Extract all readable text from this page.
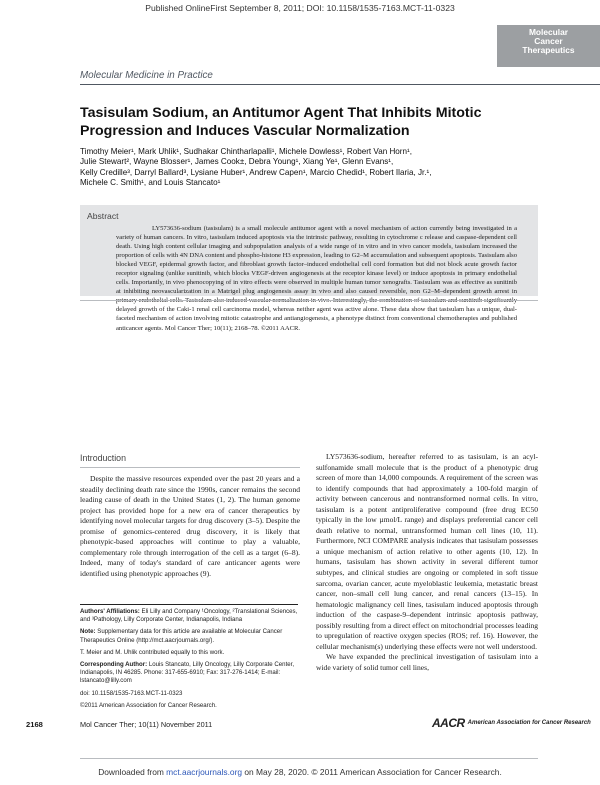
Published OnlineFirst September 8, 2011; DOI: 10.1158/1535-7163.MCT-11-0323
Molecular
Cancer
Therapeutics
Molecular Medicine in Practice
Tasisulam Sodium, an Antitumor Agent That Inhibits Mitotic
Progression and Induces Vascular Normalization
Timothy Meier¹, Mark Uhlik¹, Sudhakar Chintharlapalli¹, Michele Dowless¹, Robert Van Horn¹,
Julie Stewart², Wayne Blosser¹, James Cook±, Debra Young¹, Xiang Ye¹, Glenn Evans¹,
Kelly Credille³, Darryl Ballard³, Lysiane Huber¹, Andrew Capen¹, Marcio Chedid¹, Robert Ilaria, Jr.¹,
Michele C. Smith¹, and Louis Stancato¹
Abstract

LY573636-sodium (tasisulam) is a small molecule antitumor agent with a novel mechanism of action currently being investigated in a variety of human cancers. In vitro, tasisulam induced apoptosis via the intrinsic pathway, resulting in cytochrome c release and caspase-dependent cell death. Using high content cellular imaging and subpopulation analysis of a wide range of in vitro and in vivo cancer models, tasisulam increased the proportion of cells with 4N DNA content and phospho-histone H3 expression, leading to G2–M accumulation and subsequent apoptosis. Tasisulam also blocked VEGF, epidermal growth factor, and fibroblast growth factor–induced endothelial cell cord formation but did not block acute growth factor receptor signaling (unlike sunitinib, which blocks VEGF-driven angiogenesis at the receptor kinase level) or induce apoptosis in primary endothelial cells. Importantly, in vivo phenocopying of in vitro effects were observed in multiple human tumor xenografts. Tasisulam was as effective as sunitinib at inhibiting neovascularization in a Matrigel plug angiogenesis assay in vivo and also caused reversible, non G2–M–dependent growth arrest in primary endothelial cells. Tasisulam also induced vascular normalization in vivo. Interestingly, the combination of tasisulam and sunitinib significantly delayed growth of the Caki-1 renal cell carcinoma model, whereas neither agent was active alone. These data show that tasisulam has a unique, dual-faceted mechanism of action involving mitotic catastrophe and antiangiogenesis, a phenotype distinct from conventional chemotherapies and published anticancer agents. Mol Cancer Ther; 10(11); 2168–78. ©2011 AACR.

Introduction

Despite the massive resources expended over the past 20 years and a steadily declining death rate since the 1990s, cancer remains the second leading cause of death in the United States (1, 2). The human genome project has provided hope for a new era of cancer therapeutics by identifying novel molecular targets for drug discovery (3–5). Despite the promise of genomics-centered drug discovery, it is likely that phenotypic-based approaches will continue to play a valuable, complementary role through interrogation of the cell as a target (6–8). Indeed, many of today's standard of care anticancer agents were identified using phenotypic approaches (9).

Authors' Affiliations: Eli Lilly and Company ¹Oncology, ²Translational Sciences, and ³Pathology, Lilly Corporate Center, Indianapolis, Indiana

Note: Supplementary data for this article are available at Molecular Cancer Therapeutics Online (http://mct.aacrjournals.org/).

T. Meier and M. Uhlik contributed equally to this work.

Corresponding Author: Louis Stancato, Lilly Oncology, Lilly Corporate Center, Indianapolis, IN 46285. Phone: 317-655-6910; Fax: 317-276-1414; E-mail: lstancato@lilly.com

doi: 10.1158/1535-7163.MCT-11-0323

©2011 American Association for Cancer Research.

LY573636-sodium, hereafter referred to as tasisulam, is an acyl-sulfonamide small molecule that is the product of a phenotypic drug screen of more than 14,000 compounds. A requirement of the screen was to identify compounds that had approximately a 100-fold margin of activity between cancerous and nontransformed normal cells. In vitro, tasisulam is a potent antiproliferative compound (free drug EC50 typically in the low µmol/L range) and displays preferential cancer cell death relative to normal, untransformed human cell lines (10, 11). Furthermore, NCI COMPARE analysis indicates that tasisulam possesses a unique mechanism of action relative to other agents (10, 12). In humans, tasisulam has shown activity in several different tumor subtypes, and clinical studies are ongoing or completed in soft tissue sarcoma, ovarian cancer, acute myeloblastic leukemia, metastatic breast cancer, non–small cell lung cancer, and renal cancers (13–15). In hematologic malignancy cell lines, tasisulam induced apoptosis through induction of the caspase-9–dependent intrinsic apoptosis pathway, possibly resulting from a direct effect on mitochondrial processes leading to upregulation of reactive oxygen species (ROS; ref. 16). However, the cellular mechanism(s) underlying these effects were not well understood.

We have expanded the preclinical investigation of tasisulam into a wide variety of solid tumor cell lines,

2168	Mol Cancer Ther; 10(11) November 2011	AACR American Association for Cancer Research
Downloaded from mct.aacrjournals.org on May 28, 2020. © 2011 American Association for Cancer Research.
